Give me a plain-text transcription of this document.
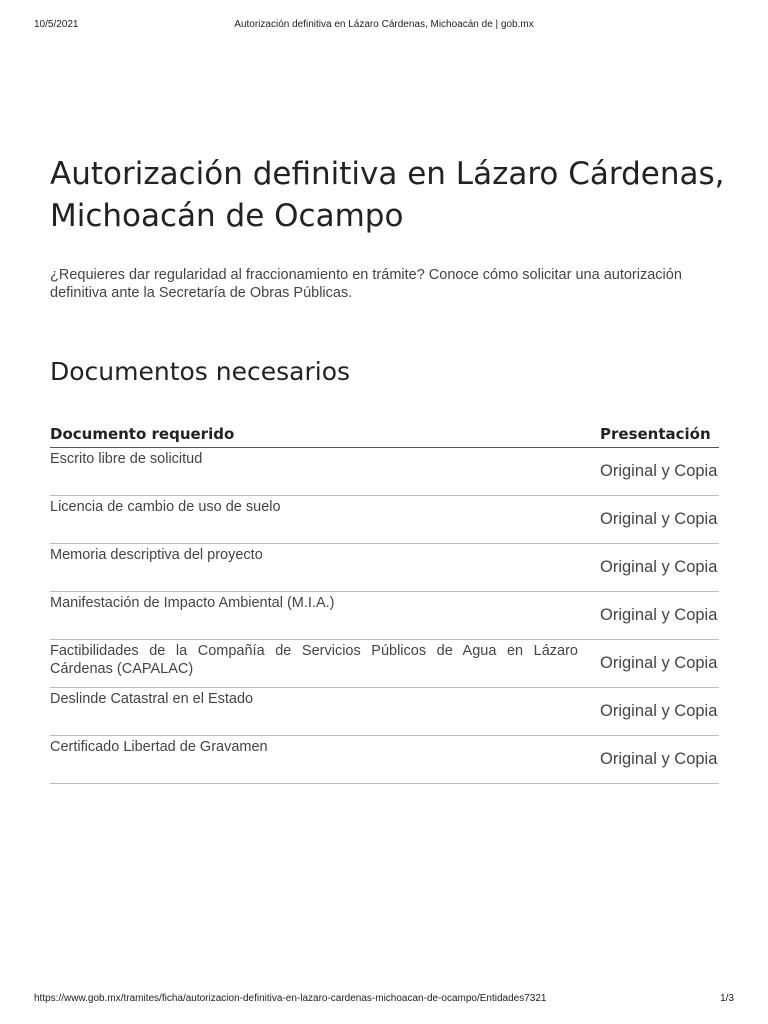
10/5/2021	Autorización definitiva en Lázaro Cárdenas, Michoacán de | gob.mx
Autorización definitiva en Lázaro Cárdenas, Michoacán de Ocampo

¿Requieres dar regularidad al fraccionamiento en trámite? Conoce cómo solicitar una autorización definitiva ante la Secretaría de Obras Públicas.

Documentos necesarios
Documento requerido	Presentación
Escrito libre de solicitud	Original y Copia
Licencia de cambio de uso de suelo	Original y Copia
Memoria descriptiva del proyecto	Original y Copia
Manifestación de Impacto Ambiental (M.I.A.)	Original y Copia
Factibilidades de la Compañía de Servicios Públicos de Agua en Lázaro Cárdenas (CAPALAC)	Original y Copia
Deslinde Catastral en el Estado	Original y Copia
Certificado Libertad de Gravamen	Original y Copia
https://www.gob.mx/tramites/ficha/autorizacion-definitiva-en-lazaro-cardenas-michoacan-de-ocampo/Entidades7321	1/3
